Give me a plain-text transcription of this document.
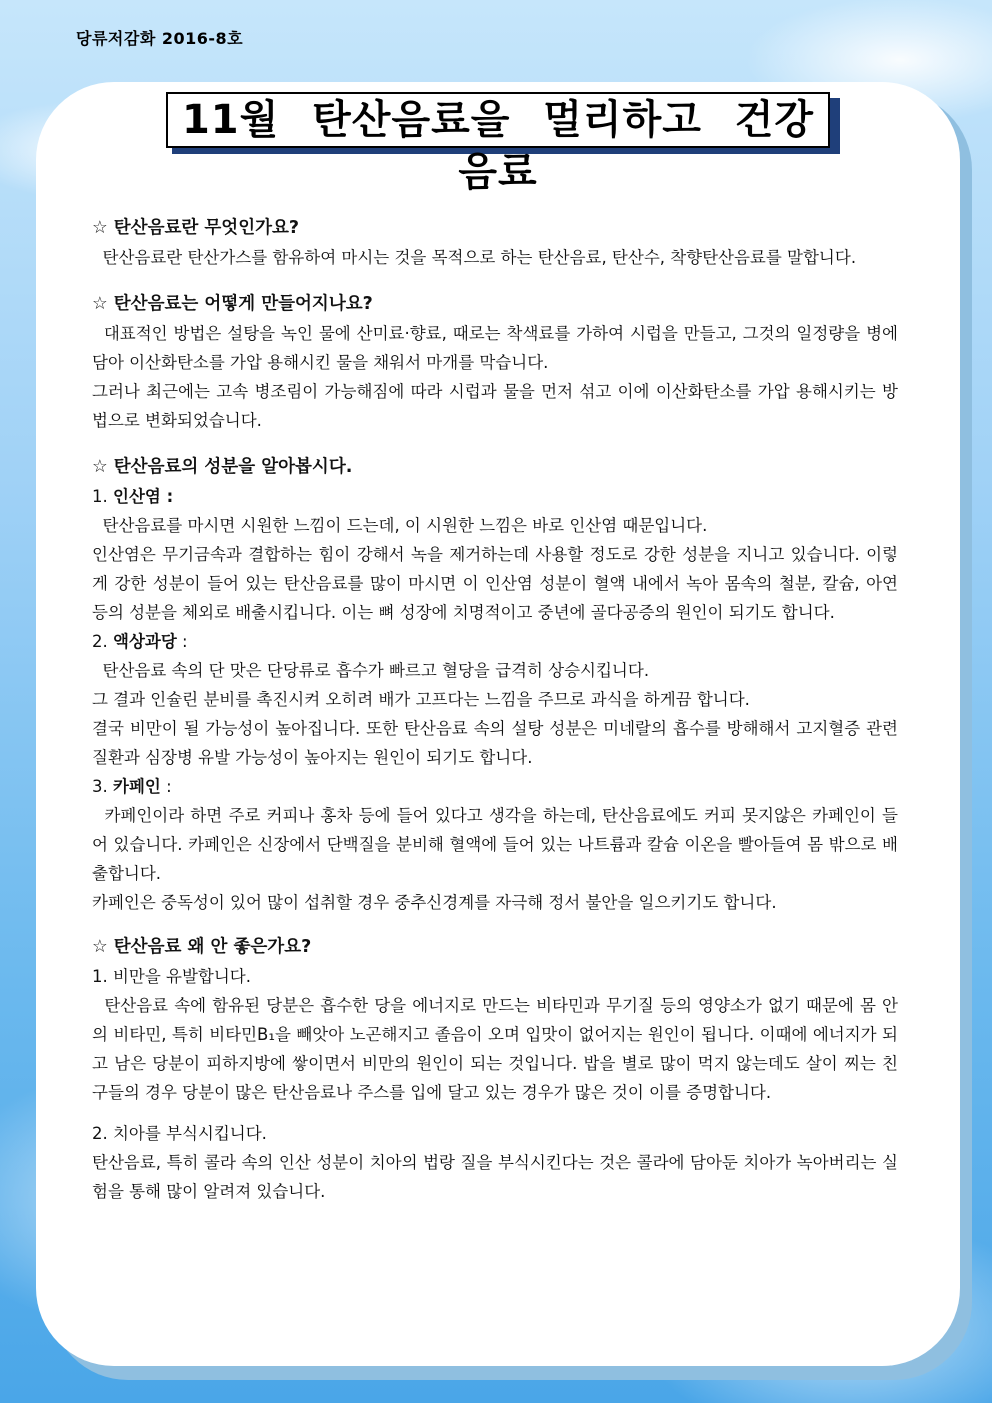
당류저감화 2016-8호
11월 탄산음료을 멀리하고 건강음료
☆ 탄산음료란 무엇인가요?

탄산음료란 탄산가스를 함유하여 마시는 것을 목적으로 하는 탄산음료, 탄산수, 착향탄산음료를 말합니다.

☆ 탄산음료는 어떻게 만들어지나요?

대표적인 방법은 설탕을 녹인 물에 산미료·향료, 때로는 착색료를 가하여 시럽을 만들고, 그것의 일정량을 병에 담아 이산화탄소를 가압 용해시킨 물을 채워서 마개를 막습니다.

그러나 최근에는 고속 병조림이 가능해짐에 따라 시럽과 물을 먼저 섞고 이에 이산화탄소를 가압 용해시키는 방법으로 변화되었습니다.

☆ 탄산음료의 성분을 알아봅시다.
1. 인산염 :

탄산음료를 마시면 시원한 느낌이 드는데, 이 시원한 느낌은 바로 인산염 때문입니다.

인산염은 무기금속과 결합하는 힘이 강해서 녹을 제거하는데 사용할 정도로 강한 성분을 지니고 있습니다. 이렇게 강한 성분이 들어 있는 탄산음료를 많이 마시면 이 인산염 성분이 혈액 내에서 녹아 몸속의 철분, 칼슘, 아연 등의 성분을 체외로 배출시킵니다. 이는 뼈 성장에 치명적이고 중년에 골다공증의 원인이 되기도 합니다.

2. 액상과당 :

탄산음료 속의 단 맛은 단당류로 흡수가 빠르고 혈당을 급격히 상승시킵니다.

그 결과 인슐린 분비를 촉진시켜 오히려 배가 고프다는 느낌을 주므로 과식을 하게끔 합니다.

결국 비만이 될 가능성이 높아집니다. 또한 탄산음료 속의 설탕 성분은 미네랄의 흡수를 방해해서 고지혈증 관련 질환과 심장병 유발 가능성이 높아지는 원인이 되기도 합니다.

3. 카페인 :

카페인이라 하면 주로 커피나 홍차 등에 들어 있다고 생각을 하는데, 탄산음료에도 커피 못지않은 카페인이 들어 있습니다. 카페인은 신장에서 단백질을 분비해 혈액에 들어 있는 나트륨과 칼슘 이온을 빨아들여 몸 밖으로 배출합니다.

카페인은 중독성이 있어 많이 섭취할 경우 중추신경계를 자극해 정서 불안을 일으키기도 합니다.

☆ 탄산음료 왜 안 좋은가요?
1. 비만을 유발합니다.

탄산음료 속에 함유된 당분은 흡수한 당을 에너지로 만드는 비타민과 무기질 등의 영양소가 없기 때문에 몸 안의 비타민, 특히 비타민B₁을 빼앗아 노곤해지고 졸음이 오며 입맛이 없어지는 원인이 됩니다. 이때에 에너지가 되고 남은 당분이 피하지방에 쌓이면서 비만의 원인이 되는 것입니다. 밥을 별로 많이 먹지 않는데도 살이 찌는 친구들의 경우 당분이 많은 탄산음료나 주스를 입에 달고 있는 경우가 많은 것이 이를 증명합니다.

2. 치아를 부식시킵니다.

탄산음료, 특히 콜라 속의 인산 성분이 치아의 법랑 질을 부식시킨다는 것은 콜라에 담아둔 치아가 녹아버리는 실험을 통해 많이 알려져 있습니다.
